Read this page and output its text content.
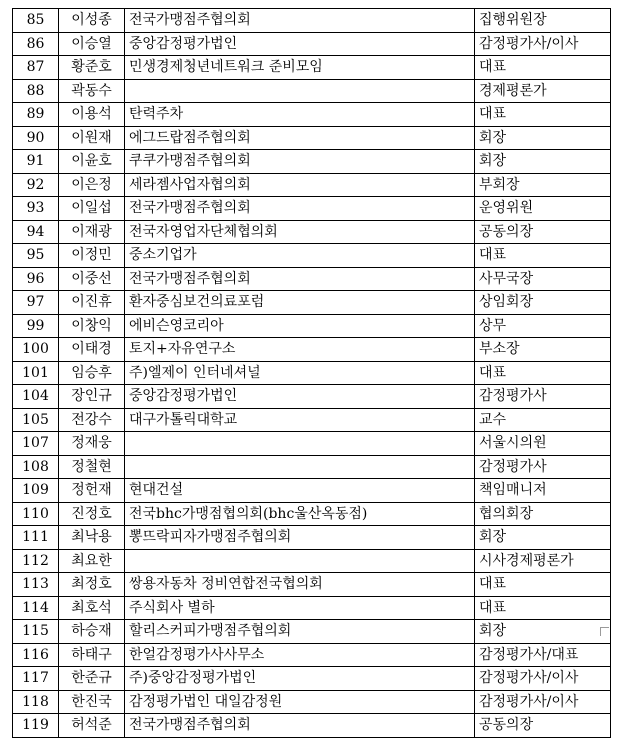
85	이성종	전국가맹점주협의회	집행위원장
86	이승열	중앙감정평가법인	감정평가사/이사
87	황준호	민생경제청년네트워크 준비모임	대표
88	곽동수		경제평론가
89	이용석	탄력주차	대표
90	이원재	에그드랍점주협의회	회장
91	이윤호	쿠쿠가맹점주협의회	회장
92	이은정	세라젬사업자협의회	부회장
93	이일섭	전국가맹점주협의회	운영위원
94	이재광	전국자영업자단체협의회	공동의장
95	이정민	중소기업가	대표
96	이중선	전국가맹점주협의회	사무국장
97	이진휴	환자중심보건의료포럼	상임회장
99	이창익	에비슨영코리아	상무
100	이태경	토지+자유연구소	부소장
101	임승후	주)엘제이 인터네셔널	대표
104	장인규	중앙감정평가법인	감정평가사
105	전강수	대구가톨릭대학교	교수
107	정재웅		서울시의원
108	정철현		감정평가사
109	정헌재	현대건설	책임매니저
110	진정호	전국bhc가맹점협의회(bhc울산옥동점)	협의회장
111	최낙용	뽕뜨락피자가맹점주협의회	회장
112	최요한		시사경제평론가
113	최정호	쌍용자동차 정비연합전국협의회	대표
114	최호석	주식회사 별하	대표
115	하승재	할리스커피가맹점주협의회	회장
116	하태구	한얼감정평가사사무소	감정평가사/대표
117	한준규	주)중앙감정평가법인	감정평가사/이사
118	한진국	감정평가법인 대일감정원	감정평가사/이사
119	허석준	전국가맹점주협의회	공동의장
